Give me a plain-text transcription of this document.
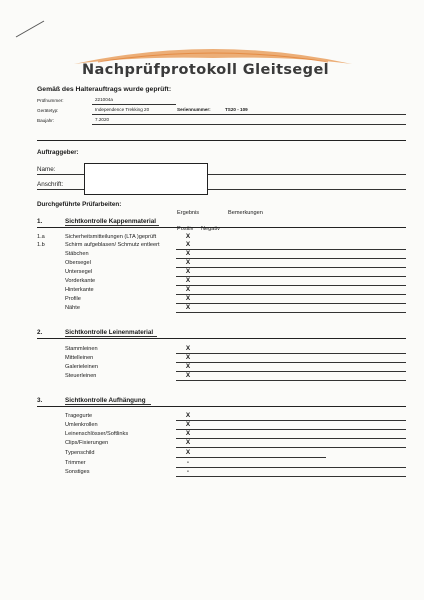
Nachprüfprotokoll Gleitsegel
Gemäß des Halterauftrags wurde geprüft:
Prüfnummer:	221004a
Gerätetyp:	Independence Trekking 20	Seriennummer:	TS20 - 109
Baujahr:	7.2020
Auftraggeber:
Name:
Anschrift:
Durchgeführte Prüfarbeiten:
Ergebnis	Bemerkungen
1.	Sichtkontrolle Kappenmaterial
Positiv Negativ
1.a	Sicherheitsmitteilungen (LTA )geprüft	X
1.b	Schirm aufgeblasen/ Schmutz entleert	X
Stäbchen	X
Obersegel	X
Untersegel	X
Vorderkante	X
Hinterkante	X
Profile	X
Nähte	X
2.	Sichtkontrolle Leinenmaterial
Stammleinen	X
Mittelleinen	X
Galerieleinen	X
Steuerleinen	X
3.	Sichtkontrolle Aufhängung
Tragegurte	X
Umlenkrollen	X
Leinenschlösser/Softlinks	X
Clips/Fixierungen	X
Typenschild	X
Trimmer	-
Sonstiges	-
